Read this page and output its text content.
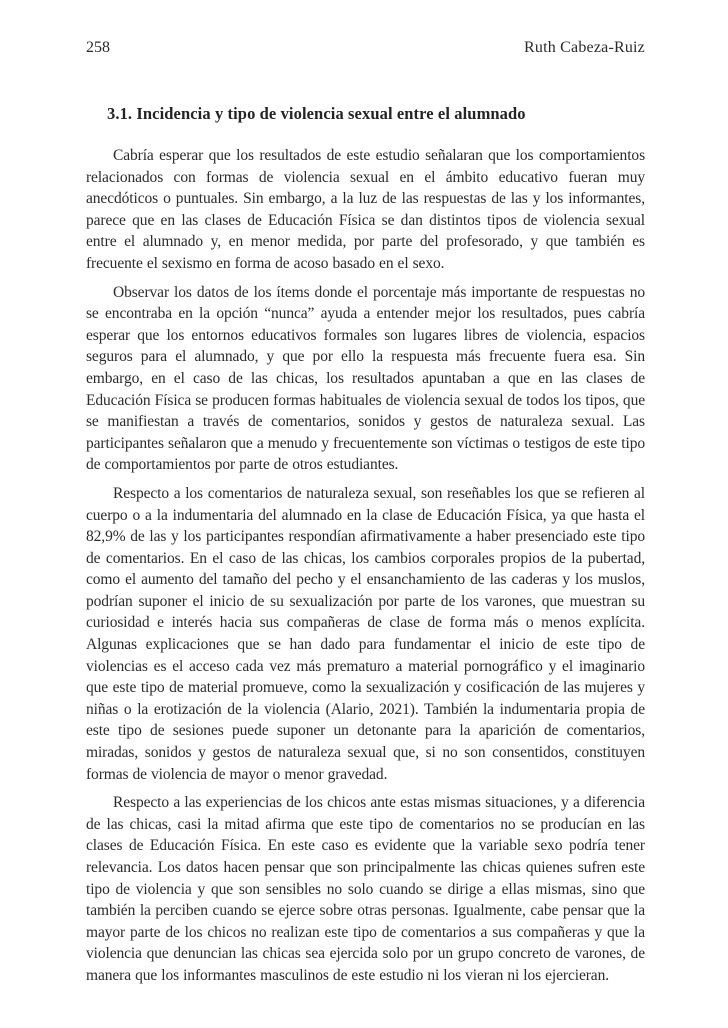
258	Ruth Cabeza-Ruiz
3.1. Incidencia y tipo de violencia sexual entre el alumnado

Cabría esperar que los resultados de este estudio señalaran que los comportamientos relacionados con formas de violencia sexual en el ámbito educativo fueran muy anecdóticos o puntuales. Sin embargo, a la luz de las respuestas de las y los informantes, parece que en las clases de Educación Física se dan distintos tipos de violencia sexual entre el alumnado y, en menor medida, por parte del profesorado, y que también es frecuente el sexismo en forma de acoso basado en el sexo.

Observar los datos de los ítems donde el porcentaje más importante de respuestas no se encontraba en la opción “nunca” ayuda a entender mejor los resultados, pues cabría esperar que los entornos educativos formales son lugares libres de violencia, espacios seguros para el alumnado, y que por ello la respuesta más frecuente fuera esa. Sin embargo, en el caso de las chicas, los resultados apuntaban a que en las clases de Educación Física se producen formas habituales de violencia sexual de todos los tipos, que se manifiestan a través de comentarios, sonidos y gestos de naturaleza sexual. Las participantes señalaron que a menudo y frecuentemente son víctimas o testigos de este tipo de comportamientos por parte de otros estudiantes.

Respecto a los comentarios de naturaleza sexual, son reseñables los que se refieren al cuerpo o a la indumentaria del alumnado en la clase de Educación Física, ya que hasta el 82,9% de las y los participantes respondían afirmativamente a haber presenciado este tipo de comentarios. En el caso de las chicas, los cambios corporales propios de la pubertad, como el aumento del tamaño del pecho y el ensanchamiento de las caderas y los muslos, podrían suponer el inicio de su sexualización por parte de los varones, que muestran su curiosidad e interés hacia sus compañeras de clase de forma más o menos explícita. Algunas explicaciones que se han dado para fundamentar el inicio de este tipo de violencias es el acceso cada vez más prematuro a material pornográfico y el imaginario que este tipo de material promueve, como la sexualización y cosificación de las mujeres y niñas o la erotización de la violencia (Alario, 2021). También la indumentaria propia de este tipo de sesiones puede suponer un detonante para la aparición de comentarios, miradas, sonidos y gestos de naturaleza sexual que, si no son consentidos, constituyen formas de violencia de mayor o menor gravedad.

Respecto a las experiencias de los chicos ante estas mismas situaciones, y a diferencia de las chicas, casi la mitad afirma que este tipo de comentarios no se producían en las clases de Educación Física. En este caso es evidente que la variable sexo podría tener relevancia. Los datos hacen pensar que son principalmente las chicas quienes sufren este tipo de violencia y que son sensibles no solo cuando se dirige a ellas mismas, sino que también la perciben cuando se ejerce sobre otras personas. Igualmente, cabe pensar que la mayor parte de los chicos no realizan este tipo de comentarios a sus compañeras y que la violencia que denuncian las chicas sea ejercida solo por un grupo concreto de varones, de manera que los informantes masculinos de este estudio ni los vieran ni los ejercieran.
